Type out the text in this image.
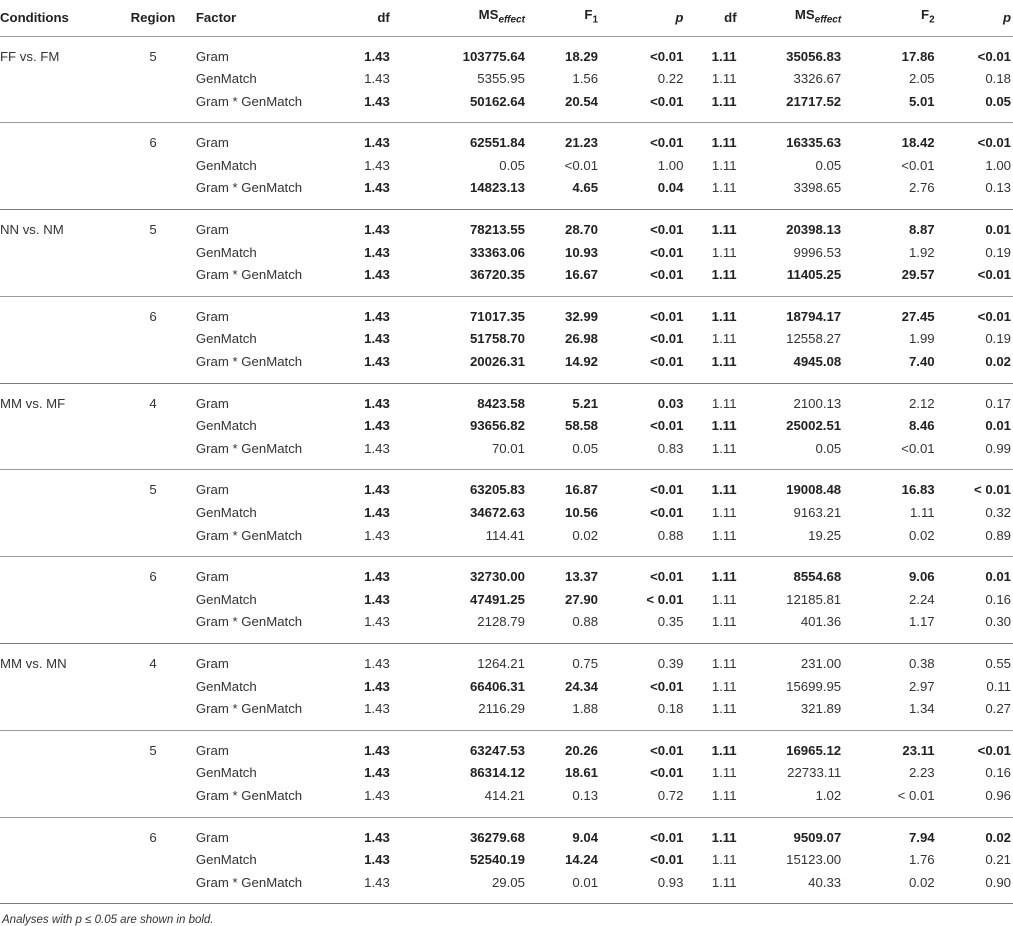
Conditions	Region	Factor	df	$MS_{effect}$	$F_1$	p	df	$MS_{effect}$	$F_2$	p
FF vs. FM	5	Gram	1.43	103775.64	18.29	<0.01	1.11	35056.83	17.86	<0.01
		GenMatch	1.43	5355.95	1.56	0.22	1.11	3326.67	2.05	0.18
		Gram * GenMatch	1.43	50162.64	20.54	<0.01	1.11	21717.52	5.01	0.05
	6	Gram	1.43	62551.84	21.23	<0.01	1.11	16335.63	18.42	<0.01
		GenMatch	1.43	0.05	<0.01	1.00	1.11	0.05	<0.01	1.00
		Gram * GenMatch	1.43	14823.13	4.65	0.04	1.11	3398.65	2.76	0.13
NN vs. NM	5	Gram	1.43	78213.55	28.70	<0.01	1.11	20398.13	8.87	0.01
		GenMatch	1.43	33363.06	10.93	<0.01	1.11	9996.53	1.92	0.19
		Gram * GenMatch	1.43	36720.35	16.67	<0.01	1.11	11405.25	29.57	<0.01
	6	Gram	1.43	71017.35	32.99	<0.01	1.11	18794.17	27.45	<0.01
		GenMatch	1.43	51758.70	26.98	<0.01	1.11	12558.27	1.99	0.19
		Gram * GenMatch	1.43	20026.31	14.92	<0.01	1.11	4945.08	7.40	0.02
MM vs. MF	4	Gram	1.43	8423.58	5.21	0.03	1.11	2100.13	2.12	0.17
		GenMatch	1.43	93656.82	58.58	<0.01	1.11	25002.51	8.46	0.01
		Gram * GenMatch	1.43	70.01	0.05	0.83	1.11	0.05	<0.01	0.99
	5	Gram	1.43	63205.83	16.87	<0.01	1.11	19008.48	16.83	< 0.01
		GenMatch	1.43	34672.63	10.56	<0.01	1.11	9163.21	1.11	0.32
		Gram * GenMatch	1.43	114.41	0.02	0.88	1.11	19.25	0.02	0.89
	6	Gram	1.43	32730.00	13.37	<0.01	1.11	8554.68	9.06	0.01
		GenMatch	1.43	47491.25	27.90	< 0.01	1.11	12185.81	2.24	0.16
		Gram * GenMatch	1.43	2128.79	0.88	0.35	1.11	401.36	1.17	0.30
MM vs. MN	4	Gram	1.43	1264.21	0.75	0.39	1.11	231.00	0.38	0.55
		GenMatch	1.43	66406.31	24.34	<0.01	1.11	15699.95	2.97	0.11
		Gram * GenMatch	1.43	2116.29	1.88	0.18	1.11	321.89	1.34	0.27
	5	Gram	1.43	63247.53	20.26	<0.01	1.11	16965.12	23.11	<0.01
		GenMatch	1.43	86314.12	18.61	<0.01	1.11	22733.11	2.23	0.16
		Gram * GenMatch	1.43	414.21	0.13	0.72	1.11	1.02	< 0.01	0.96
	6	Gram	1.43	36279.68	9.04	<0.01	1.11	9509.07	7.94	0.02
		GenMatch	1.43	52540.19	14.24	<0.01	1.11	15123.00	1.76	0.21
		Gram * GenMatch	1.43	29.05	0.01	0.93	1.11	40.33	0.02	0.90
Analyses with p ≤ 0.05 are shown in bold.
